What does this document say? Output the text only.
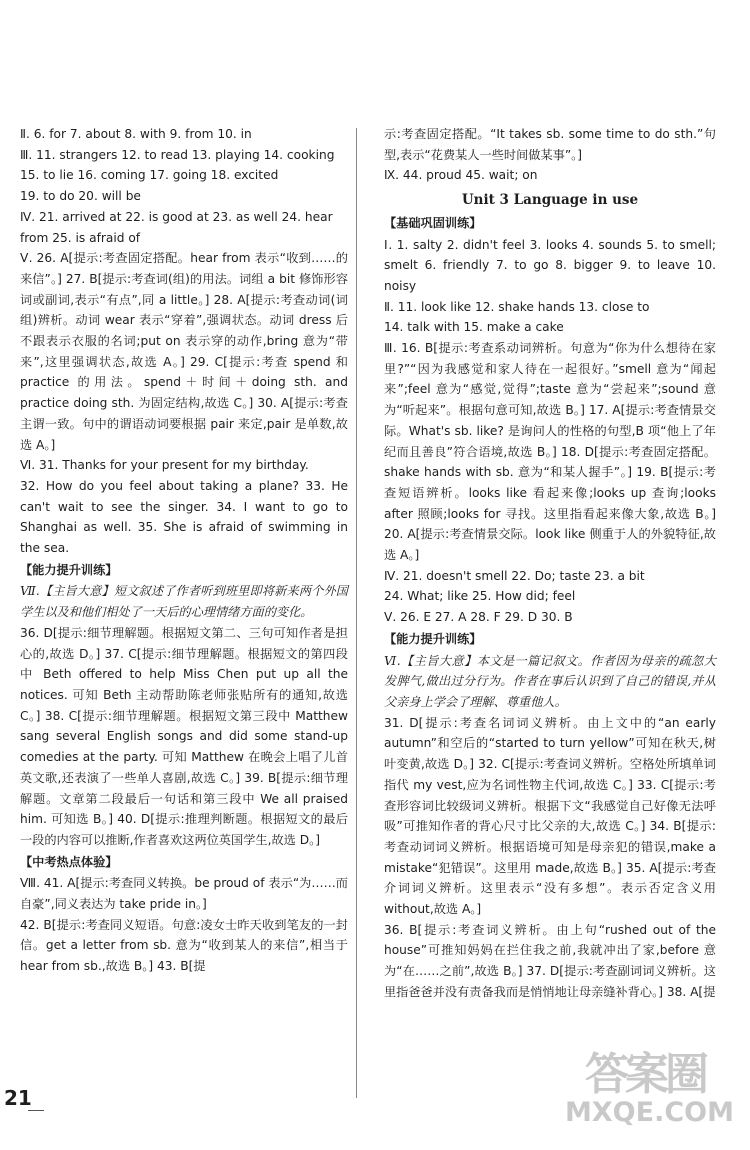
Ⅱ. 6. for 7. about 8. with 9. from 10. in

Ⅲ. 11. strangers 12. to read 13. playing 14. cooking

15. to lie 16. coming 17. going 18. excited

19. to do 20. will be

Ⅳ. 21. arrived at 22. is good at 23. as well 24. hear

from 25. is afraid of

Ⅴ. 26. A[提示:考查固定搭配。hear from 表示“收到……的来信”。] 27. B[提示:考查词(组)的用法。词组 a bit 修饰形容词或副词,表示“有点”,同 a little。] 28. A[提示:考查动词(词组)辨析。动词 wear 表示“穿着”,强调状态。动词 dress 后不跟表示衣服的名词;put on 表示穿的动作,bring 意为“带来”,这里强调状态,故选 A。] 29. C[提示:考查 spend 和 practice 的用法。spend＋时间＋doing sth. and practice doing sth. 为固定结构,故选 C。] 30. A[提示:考查主谓一致。句中的谓语动词要根据 pair 来定,pair 是单数,故选 A。]

Ⅵ. 31. Thanks for your present for my birthday.

32. How do you feel about taking a plane? 33. He can't wait to see the singer. 34. I want to go to Shanghai as well. 35. She is afraid of swimming in the sea.

【能力提升训练】

Ⅶ.【主旨大意】短文叙述了作者听到班里即将新来两个外国学生以及和他们相处了一天后的心理情绪方面的变化。

36. D[提示:细节理解题。根据短文第二、三句可知作者是担心的,故选 D。] 37. C[提示:细节理解题。根据短文的第四段中 Beth offered to help Miss Chen put up all the notices. 可知 Beth 主动帮助陈老师张贴所有的通知,故选 C。] 38. C[提示:细节理解题。根据短文第三段中 Matthew sang several English songs and did some stand-up comedies at the party. 可知 Matthew 在晚会上唱了儿首英文歌,还表演了一些单人喜剧,故选 C。] 39. B[提示:细节理解题。文章第二段最后一句话和第三段中 We all praised him. 可知选 B。] 40. D[提示:推理判断题。根据短文的最后一段的内容可以推断,作者喜欢这两位英国学生,故选 D。]

【中考热点体验】

Ⅷ. 41. A[提示:考查同义转换。be proud of 表示“为……而自豪”,同义表达为 take pride in。]

42. B[提示:考查同义短语。句意:凌女士昨天收到笔友的一封信。get a letter from sb. 意为“收到某人的来信”,相当于 hear from sb.,故选 B。] 43. B[提

示:考查固定搭配。“It takes sb. some time to do sth.”句型,表示“花费某人一些时间做某事”。]

Ⅸ. 44. proud 45. wait; on

Unit 3 Language in use

【基础巩固训练】

Ⅰ. 1. salty 2. didn't feel 3. looks 4. sounds 5. to smell; smelt 6. friendly 7. to go 8. bigger 9. to leave 10. noisy

Ⅱ. 11. look like 12. shake hands 13. close to

14. talk with 15. make a cake

Ⅲ. 16. B[提示:考查系动词辨析。句意为“你为什么想待在家里?”“因为我感觉和家人待在一起很好。”smell 意为“闻起来”;feel 意为“感觉,觉得”;taste 意为“尝起来”;sound 意为“听起来”。根据句意可知,故选 B。] 17. A[提示:考查情景交际。What's sb. like? 是询问人的性格的句型,B 项“他上了年纪而且善良”符合语境,故选 B。] 18. D[提示:考查固定搭配。shake hands with sb. 意为“和某人握手”。] 19. B[提示:考查短语辨析。looks like 看起来像;looks up 查询;looks after 照顾;looks for 寻找。这里指看起来像大象,故选 B。] 20. A[提示:考查情景交际。look like 侧重于人的外貌特征,故选 A。]

Ⅳ. 21. doesn't smell 22. Do; taste 23. a bit

24. What; like 25. How did; feel

Ⅴ. 26. E 27. A 28. F 29. D 30. B

【能力提升训练】

Ⅵ.【主旨大意】本文是一篇记叙文。作者因为母亲的疏忽大发脾气,做出过分行为。作者在事后认识到了自己的错误,并从父亲身上学会了理解、尊重他人。

31. D[提示:考查名词词义辨析。由上文中的“an early autumn”和空后的“started to turn yellow”可知在秋天,树叶变黄,故选 D。] 32. C[提示:考查词义辨析。空格处所填单词指代 my vest,应为名词性物主代词,故选 C。] 33. C[提示:考查形容词比较级词义辨析。根据下文“我感觉自己好像无法呼吸”可推知作者的背心尺寸比父亲的大,故选 C。] 34. B[提示:考查动词词义辨析。根据语境可知是母亲犯的错误,make a mistake“犯错误”。这里用 made,故选 B。] 35. A[提示:考查介词词义辨析。这里表示“没有多想”。表示否定含义用 without,故选 A。]

36. B[提示:考查词义辨析。由上句“rushed out of the house”可推知妈妈在拦住我之前,我就冲出了家,before 意为“在……之前”,故选 B。] 37. D[提示:考查副词词义辨析。这里指爸爸并没有责备我而是悄悄地让母亲缝补背心。] 38. A[提

21	答案圈
MXQE.COM
